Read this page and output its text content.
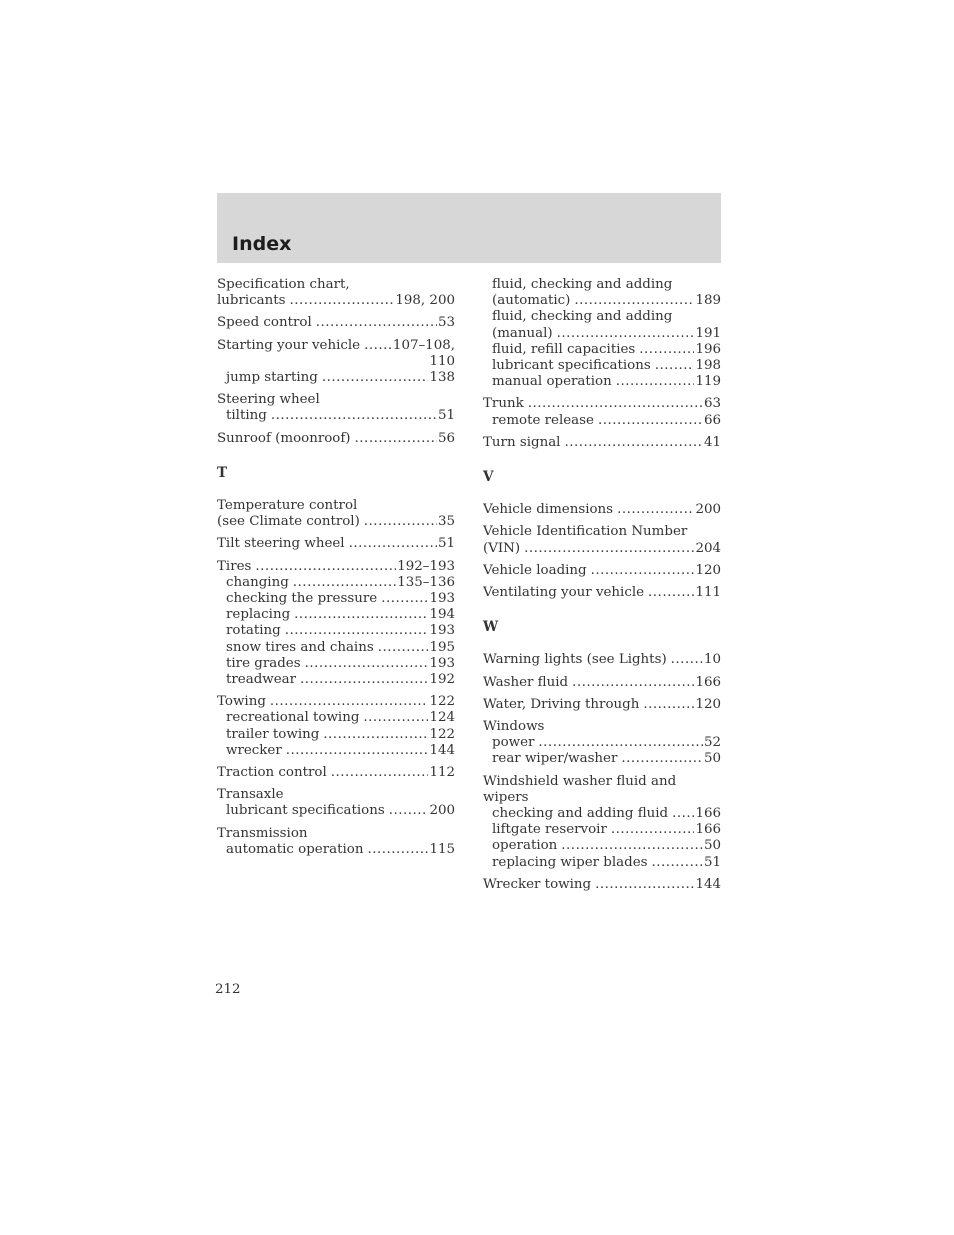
Index
Specification chart,
lubricants .....	198, 200
Speed control .....	53
Starting your vehicle ..... 107–108,
110
jump starting .....	138
Steering wheel
tilting .....	51
Sunroof (moonroof) .....	56
T
Temperature control
(see Climate control) .....	35
Tilt steering wheel .....	51
Tires .....	192–193
changing .....	135–136
checking the pressure .....	193
replacing .....	194
rotating .....	193
snow tires and chains .....	195
tire grades .....	193
treadwear .....	192
Towing .....	122
recreational towing .....	124
trailer towing .....	122
wrecker .....	144
Traction control .....	112
Transaxle
lubricant specifications .....	200
Transmission
automatic operation .....	115
fluid, checking and adding
(automatic) .....	189
fluid, checking and adding
(manual) .....	191
fluid, refill capacities .....	196
lubricant specifications .....	198
manual operation .....	119
Trunk .....	63
remote release .....	66
Turn signal .....	41
V
Vehicle dimensions .....	200
Vehicle Identification Number
(VIN) .....	204
Vehicle loading .....	120
Ventilating your vehicle .....	111
W
Warning lights (see Lights) .....	10
Washer fluid .....	166
Water, Driving through .....	120
Windows
power .....	52
rear wiper/washer .....	50
Windshield washer fluid and
wipers
checking and adding fluid ..... 166
liftgate reservoir .....	166
operation .....	50
replacing wiper blades .....	51
Wrecker towing .....	144
212
